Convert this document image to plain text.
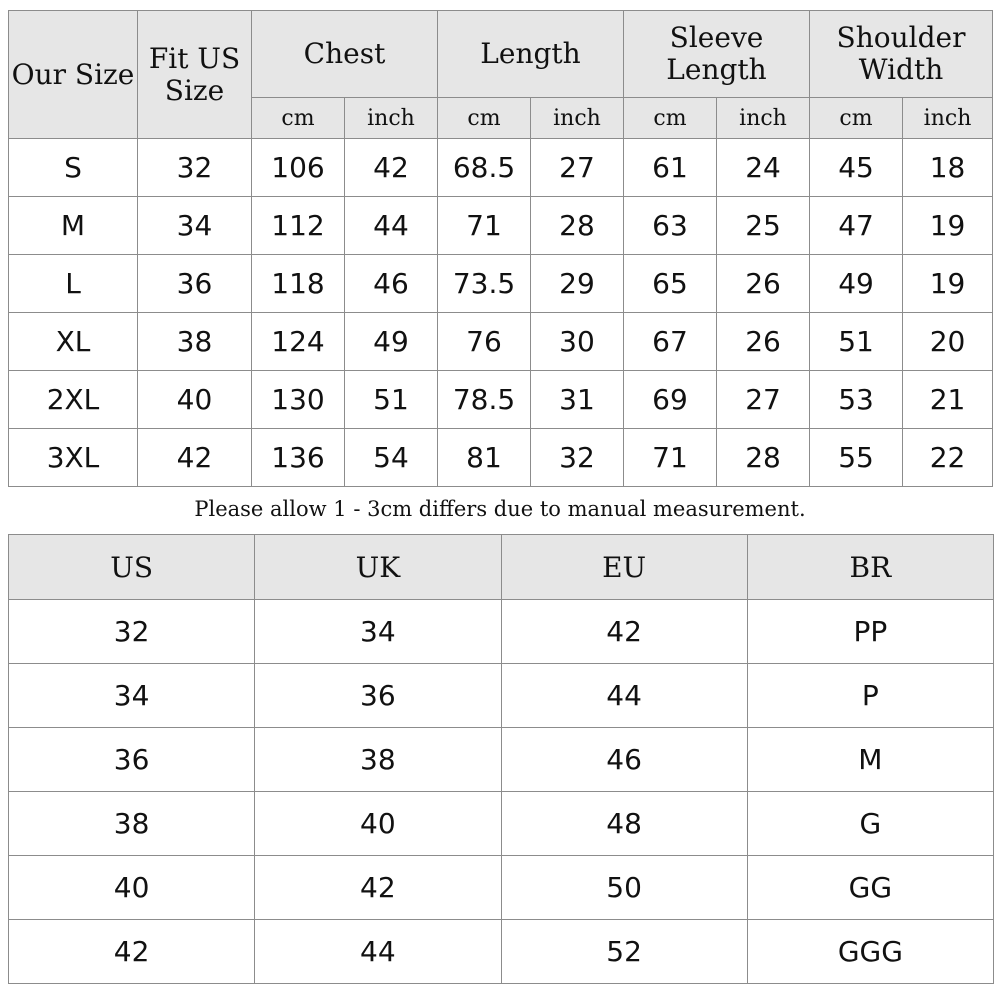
Our Size	Fit US Size	Chest		Length		Sleeve Length		Shoulder Width	
		cm	inch	cm	inch	cm	inch	cm	inch
S	32	106	42	68.5	27	61	24	45	18
M	34	112	44	71	28	63	25	47	19
L	36	118	46	73.5	29	65	26	49	19
XL	38	124	49	76	30	67	26	51	20
2XL	40	130	51	78.5	31	69	27	53	21
3XL	42	136	54	81	32	71	28	55	22
Please allow 1 - 3cm differs due to manual measurement.
US	UK	EU	BR
32	34	42	PP
34	36	44	P
36	38	46	M
38	40	48	G
40	42	50	GG
42	44	52	GGG
